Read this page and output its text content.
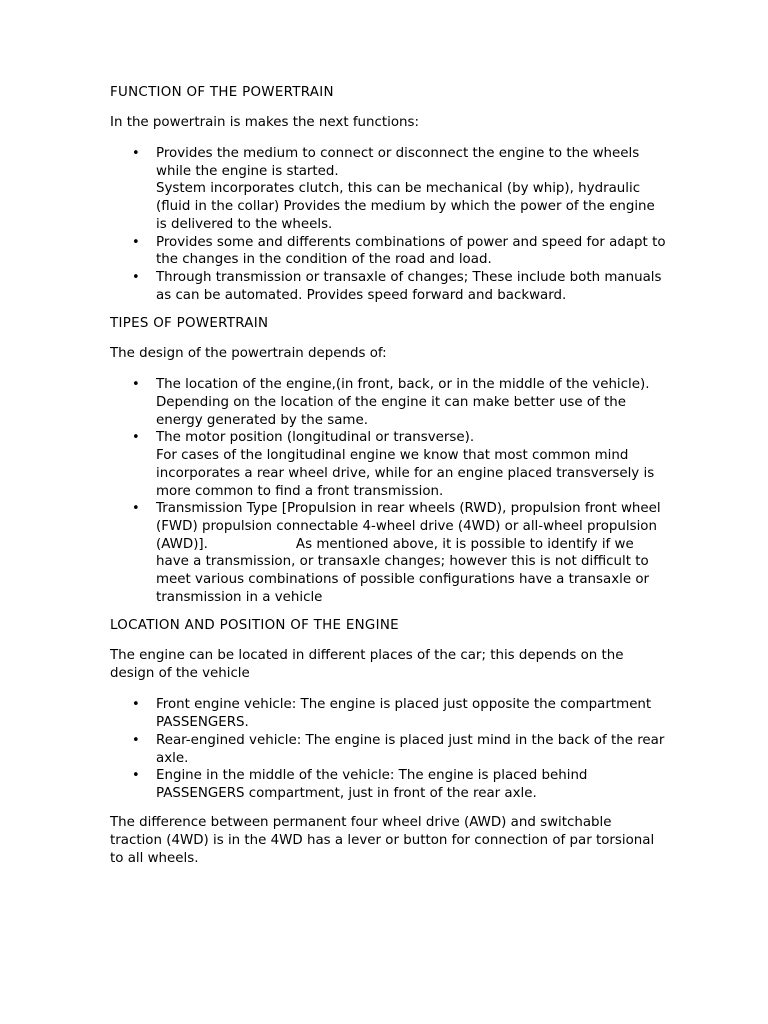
FUNCTION OF THE POWERTRAIN

In the powertrain is makes the next functions:

• Provides the medium to connect or disconnect the engine to the wheels while the engine is started.
System incorporates clutch, this can be mechanical (by whip), hydraulic (fluid in the collar) Provides the medium by which the power of the engine is delivered to the wheels.
• Provides some and differents combinations of power and speed for adapt to the changes in the condition of the road and load.
• Through transmission or transaxle of changes; These include both manuals as can be automated. Provides speed forward and backward.
TIPES OF POWERTRAIN

The design of the powertrain depends of:

• The location of the engine,(in front, back, or in the middle of the vehicle).
Depending on the location of the engine it can make better use of the energy generated by the same.
• The motor position (longitudinal or transverse).
For cases of the longitudinal engine we know that most common mind incorporates a rear wheel drive, while for an engine placed transversely is more common to find a front transmission.
• Transmission Type [Propulsion in rear wheels (RWD), propulsion front wheel (FWD) propulsion connectable 4-wheel drive (4WD) or all-wheel propulsion (AWD)].	As mentioned above, it is possible to identify if we have a transmission, or transaxle changes; however this is not difficult to meet various combinations of possible configurations have a transaxle or transmission in a vehicle
LOCATION AND POSITION OF THE ENGINE

The engine can be located in different places of the car; this depends on the design of the vehicle

• Front engine vehicle: The engine is placed just opposite the compartment PASSENGERS.
• Rear-engined vehicle: The engine is placed just mind in the back of the rear axle.
• Engine in the middle of the vehicle: The engine is placed behind PASSENGERS compartment, just in front of the rear axle.

The difference between permanent four wheel drive (AWD) and switchable traction (4WD) is in the 4WD has a lever or button for connection of par torsional to all wheels.
